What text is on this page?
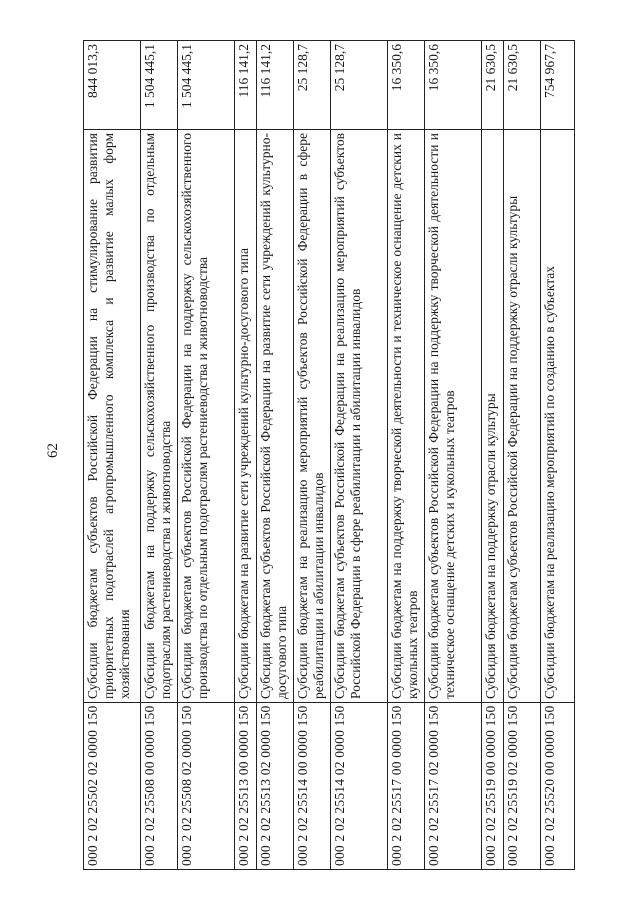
62
000 2 02 25502 02 0000 150	Субсидии бюджетам субъектов Российской Федерации на стимулирование развития приоритетных подотраслей агропромышленного комплекса и развитие малых форм хозяйствования	844 013,3
000 2 02 25508 00 0000 150	Субсидии бюджетам на поддержку сельскохозяйственного производства по отдельным подотраслям растениеводства и животноводства	1 504 445,1
000 2 02 25508 02 0000 150	Субсидии бюджетам субъектов Российской Федерации на поддержку сельскохозяйственного производства по отдельным подотраслям растениеводства и животноводства	1 504 445,1
000 2 02 25513 00 0000 150	Субсидии бюджетам на развитие сети учреждений культурно-досугового типа	116 141,2
000 2 02 25513 02 0000 150	Субсидии бюджетам субъектов Российской Федерации на развитие сети учреждений культурно-досугового типа	116 141,2
000 2 02 25514 00 0000 150	Субсидии бюджетам на реализацию мероприятий субъектов Российской Федерации в сфере реабилитации и абилитации инвалидов	25 128,7
000 2 02 25514 02 0000 150	Субсидии бюджетам субъектов Российской Федерации на реализацию мероприятий субъектов Российской Федерации в сфере реабилитации и абилитации инвалидов	25 128,7
000 2 02 25517 00 0000 150	Субсидии бюджетам на поддержку творческой деятельности и техническое оснащение детских и кукольных театров	16 350,6
000 2 02 25517 02 0000 150	Субсидии бюджетам субъектов Российской Федерации на поддержку творческой деятельности и техническое оснащение детских и кукольных театров	16 350,6
000 2 02 25519 00 0000 150	Субсидия бюджетам на поддержку отрасли культуры	21 630,5
000 2 02 25519 02 0000 150	Субсидия бюджетам субъектов Российской Федерации на поддержку отрасли культуры	21 630,5
000 2 02 25520 00 0000 150	Субсидии бюджетам на реализацию мероприятий по созданию в субъектах	754 967,7
